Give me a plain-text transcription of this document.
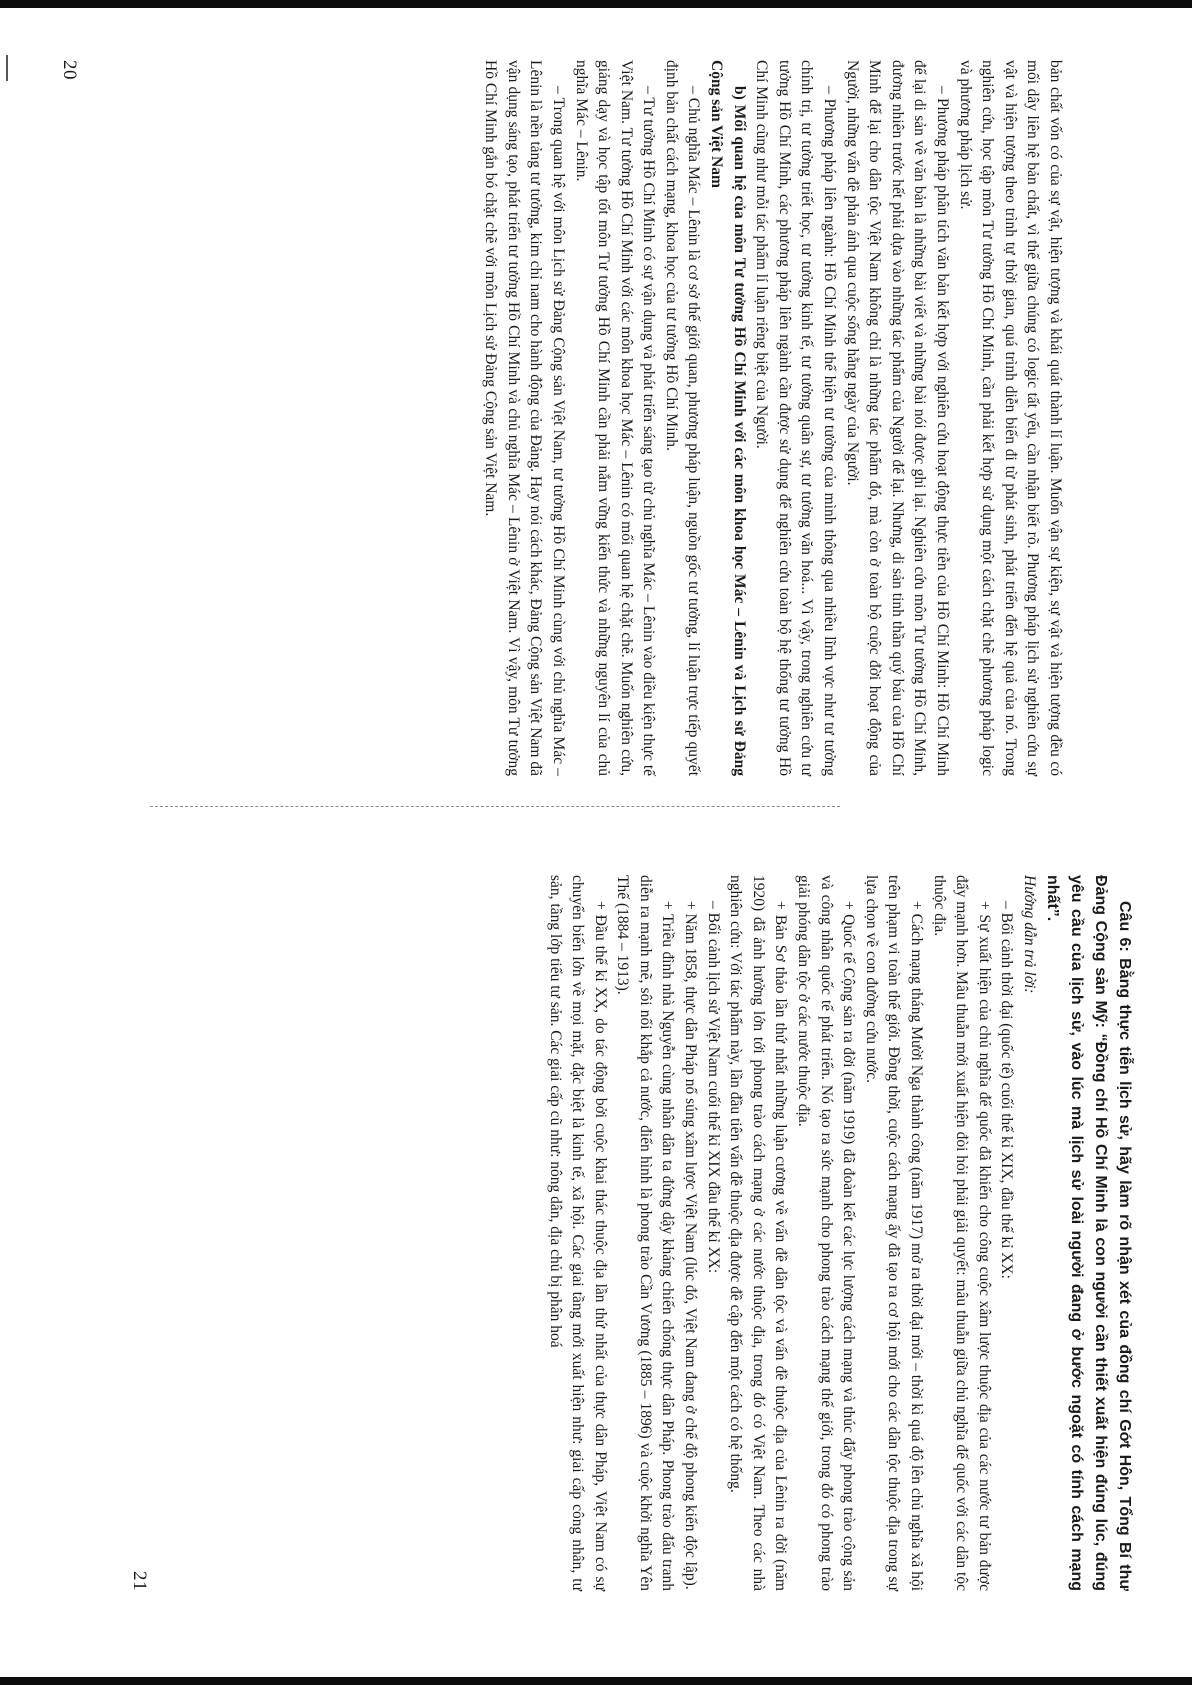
bản chất vốn có của sự vật, hiện tượng và khái quát thành lí luận. Muốn vận sự kiện, sự vật và hiện tượng đều có mối dây liên hệ bản chất, vì thế giữa chúng có logic tất yếu, cần nhận biết rõ. Phương pháp lịch sử nghiên cứu sự vật và hiện tượng theo trình tự thời gian, quá trình diễn biến đi từ phát sinh, phát triển đến hệ quả của nó. Trong nghiên cứu, học tập môn Tư tưởng Hồ Chí Minh, cần phải kết hợp sử dụng một cách chặt chẽ phương pháp logic và phương pháp lịch sử.

– Phương pháp phân tích văn bản kết hợp với nghiên cứu hoạt động thực tiễn của Hồ Chí Minh: Hồ Chí Minh để lại di sản về văn bản là những bài viết và những bài nói được ghi lại. Nghiên cứu môn Tư tưởng Hồ Chí Minh, đương nhiên trước hết phải dựa vào những tác phẩm của Người để lại. Nhưng, di sản tinh thần quý báu của Hồ Chí Minh để lại cho dân tộc Việt Nam không chỉ là những tác phẩm đó, mà còn ở toàn bộ cuộc đời hoạt động của Người, những vấn đề phản ánh qua cuộc sống hằng ngày của Người.

– Phương pháp liên ngành: Hồ Chí Minh thể hiện tư tưởng của mình thông qua nhiều lĩnh vực như tư tưởng chính trị, tư tưởng triết học, tư tưởng kinh tế, tư tưởng quân sự, tư tưởng văn hoá... Vì vậy, trong nghiên cứu tư tưởng Hồ Chí Minh, các phương pháp liên ngành cần được sử dụng để nghiên cứu toàn bộ hệ thống tư tưởng Hồ Chí Minh cũng như mỗi tác phẩm lí luận riêng biệt của Người.

b) Mối quan hệ của môn Tư tưởng Hồ Chí Minh với các môn khoa học Mác – Lênin và Lịch sử Đảng Cộng sản Việt Nam

– Chủ nghĩa Mác – Lênin là cơ sở thế giới quan, phương pháp luận, nguồn gốc tư tưởng, lí luận trực tiếp quyết định bản chất cách mạng, khoa học của tư tưởng Hồ Chí Minh.

– Tư tưởng Hồ Chí Minh có sự vận dụng và phát triển sáng tạo từ chủ nghĩa Mác – Lênin vào điều kiện thực tế Việt Nam. Tư tưởng Hồ Chí Minh với các môn khoa học Mác – Lênin có mối quan hệ chặt chẽ. Muốn nghiên cứu, giảng dạy và học tập tốt môn Tư tưởng Hồ Chí Minh cần phải nắm vững kiến thức và những nguyên lí của chủ nghĩa Mác – Lênin.

– Trong quan hệ với môn Lịch sử Đảng Cộng sản Việt Nam, tư tưởng Hồ Chí Minh cùng với chủ nghĩa Mác – Lênin là nền tảng tư tưởng, kim chỉ nam cho hành động của Đảng. Hay nói cách khác, Đảng Cộng sản Việt Nam đã vận dụng sáng tạo, phát triển tư tưởng Hồ Chí Minh và chủ nghĩa Mác – Lênin ở Việt Nam. Vì vậy, môn Tư tưởng Hồ Chí Minh gắn bó chặt chẽ với môn Lịch sử Đảng Cộng sản Việt Nam.

20

Câu 6: Bằng thực tiễn lịch sử, hãy làm rõ nhận xét của đồng chí Gớt Hôn, Tổng Bí thư Đảng Cộng sản Mỹ: “Đồng chí Hồ Chí Minh là con người cần thiết xuất hiện đúng lúc, đúng yêu cầu của lịch sử, vào lúc mà lịch sử loài người đang ở bước ngoặt có tính cách mạng nhất”.

Hướng dẫn trả lời:

– Bối cảnh thời đại (quốc tế) cuối thế kỉ XIX, đầu thế kỉ XX:

+ Sự xuất hiện của chủ nghĩa đế quốc đã khiến cho công cuộc xâm lược thuộc địa của các nước tư bản được đẩy mạnh hơn. Mâu thuẫn mới xuất hiện đòi hỏi phải giải quyết: mâu thuẫn giữa chủ nghĩa đế quốc với các dân tộc thuộc địa.

+ Cách mạng tháng Mười Nga thành công (năm 1917) mở ra thời đại mới – thời kì quá độ lên chủ nghĩa xã hội trên phạm vi toàn thế giới. Đồng thời, cuộc cách mạng ấy đã tạo ra cơ hội mới cho các dân tộc thuộc địa trong sự lựa chọn về con đường cứu nước.

+ Quốc tế Cộng sản ra đời (năm 1919) đã đoàn kết các lực lượng cách mạng và thúc đẩy phong trào cộng sản và công nhân quốc tế phát triển. Nó tạo ra sức mạnh cho phong trào cách mạng thế giới, trong đó có phong trào giải phóng dân tộc ở các nước thuộc địa.

+ Bản Sơ thảo lần thứ nhất những luận cương về vấn đề dân tộc và vấn đề thuộc địa của Lênin ra đời (năm 1920) đã ảnh hưởng lớn tới phong trào cách mạng ở các nước thuộc địa, trong đó có Việt Nam. Theo các nhà nghiên cứu: Với tác phẩm này, lần đầu tiên vấn đề thuộc địa được đề cập đến một cách có hệ thống.

– Bối cảnh lịch sử Việt Nam cuối thế kỉ XIX đầu thế kỉ XX:

+ Năm 1858, thực dân Pháp nổ súng xâm lược Việt Nam (lúc đó, Việt Nam đang ở chế độ phong kiến độc lập).

+ Triều đình nhà Nguyễn cùng nhân dân ta đứng dậy kháng chiến chống thực dân Pháp. Phong trào đấu tranh diễn ra mạnh mẽ, sôi nổi khắp cả nước, điển hình là phong trào Cần Vương (1885 – 1896) và cuộc khởi nghĩa Yên Thế (1884 – 1913).

+ Đầu thế kỉ XX, do tác động bởi cuộc khai thác thuộc địa lần thứ nhất của thực dân Pháp, Việt Nam có sự chuyển biến lớn về mọi mặt, đặc biệt là kinh tế, xã hội. Các giai tầng mới xuất hiện như: giai cấp công nhân, tư sản, tầng lớp tiểu tư sản. Các giai cấp cũ như: nông dân, địa chủ bị phân hoá

21
